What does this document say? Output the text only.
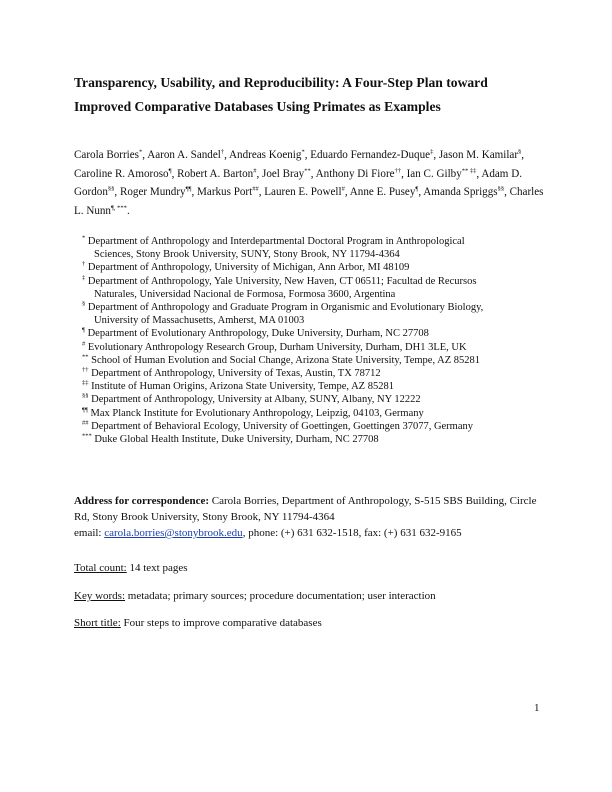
Transparency, Usability, and Reproducibility: A Four-Step Plan toward
Improved Comparative Databases Using Primates as Examples
Carola Borries*, Aaron A. Sandel†, Andreas Koenig*, Eduardo Fernandez-Duque‡, Jason M. Kamilar§, Caroline R. Amoroso¶, Robert A. Barton#, Joel Bray**, Anthony Di Fiore††, Ian C. Gilby** ‡‡, Adam D. Gordon§§, Roger Mundry¶¶, Markus Port##, Lauren E. Powell#, Anne E. Pusey¶, Amanda Spriggs§§, Charles L. Nunn¶, ***.
* Department of Anthropology and Interdepartmental Doctoral Program in Anthropological
Sciences, Stony Brook University, SUNY, Stony Brook, NY 11794-4364
† Department of Anthropology, University of Michigan, Ann Arbor, MI 48109
‡ Department of Anthropology, Yale University, New Haven, CT 06511; Facultad de Recursos
Naturales, Universidad Nacional de Formosa, Formosa 3600, Argentina
§ Department of Anthropology and Graduate Program in Organismic and Evolutionary Biology,
University of Massachusetts, Amherst, MA 01003
¶ Department of Evolutionary Anthropology, Duke University, Durham, NC 27708
# Evolutionary Anthropology Research Group, Durham University, Durham, DH1 3LE, UK
** School of Human Evolution and Social Change, Arizona State University, Tempe, AZ 85281
†† Department of Anthropology, University of Texas, Austin, TX 78712
‡‡ Institute of Human Origins, Arizona State University, Tempe, AZ 85281
§§ Department of Anthropology, University at Albany, SUNY, Albany, NY 12222
¶¶ Max Planck Institute for Evolutionary Anthropology, Leipzig, 04103, Germany
## Department of Behavioral Ecology, University of Goettingen, Goettingen 37077, Germany
*** Duke Global Health Institute, Duke University, Durham, NC 27708
Address for correspondence: Carola Borries, Department of Anthropology, S-515 SBS Building, Circle Rd, Stony Brook University, Stony Brook, NY 11794-4364
email: carola.borries@stonybrook.edu, phone: (+) 631 632-1518, fax: (+) 631 632-9165
Total count: 14 text pages
Key words: metadata; primary sources; procedure documentation; user interaction
Short title: Four steps to improve comparative databases
1
